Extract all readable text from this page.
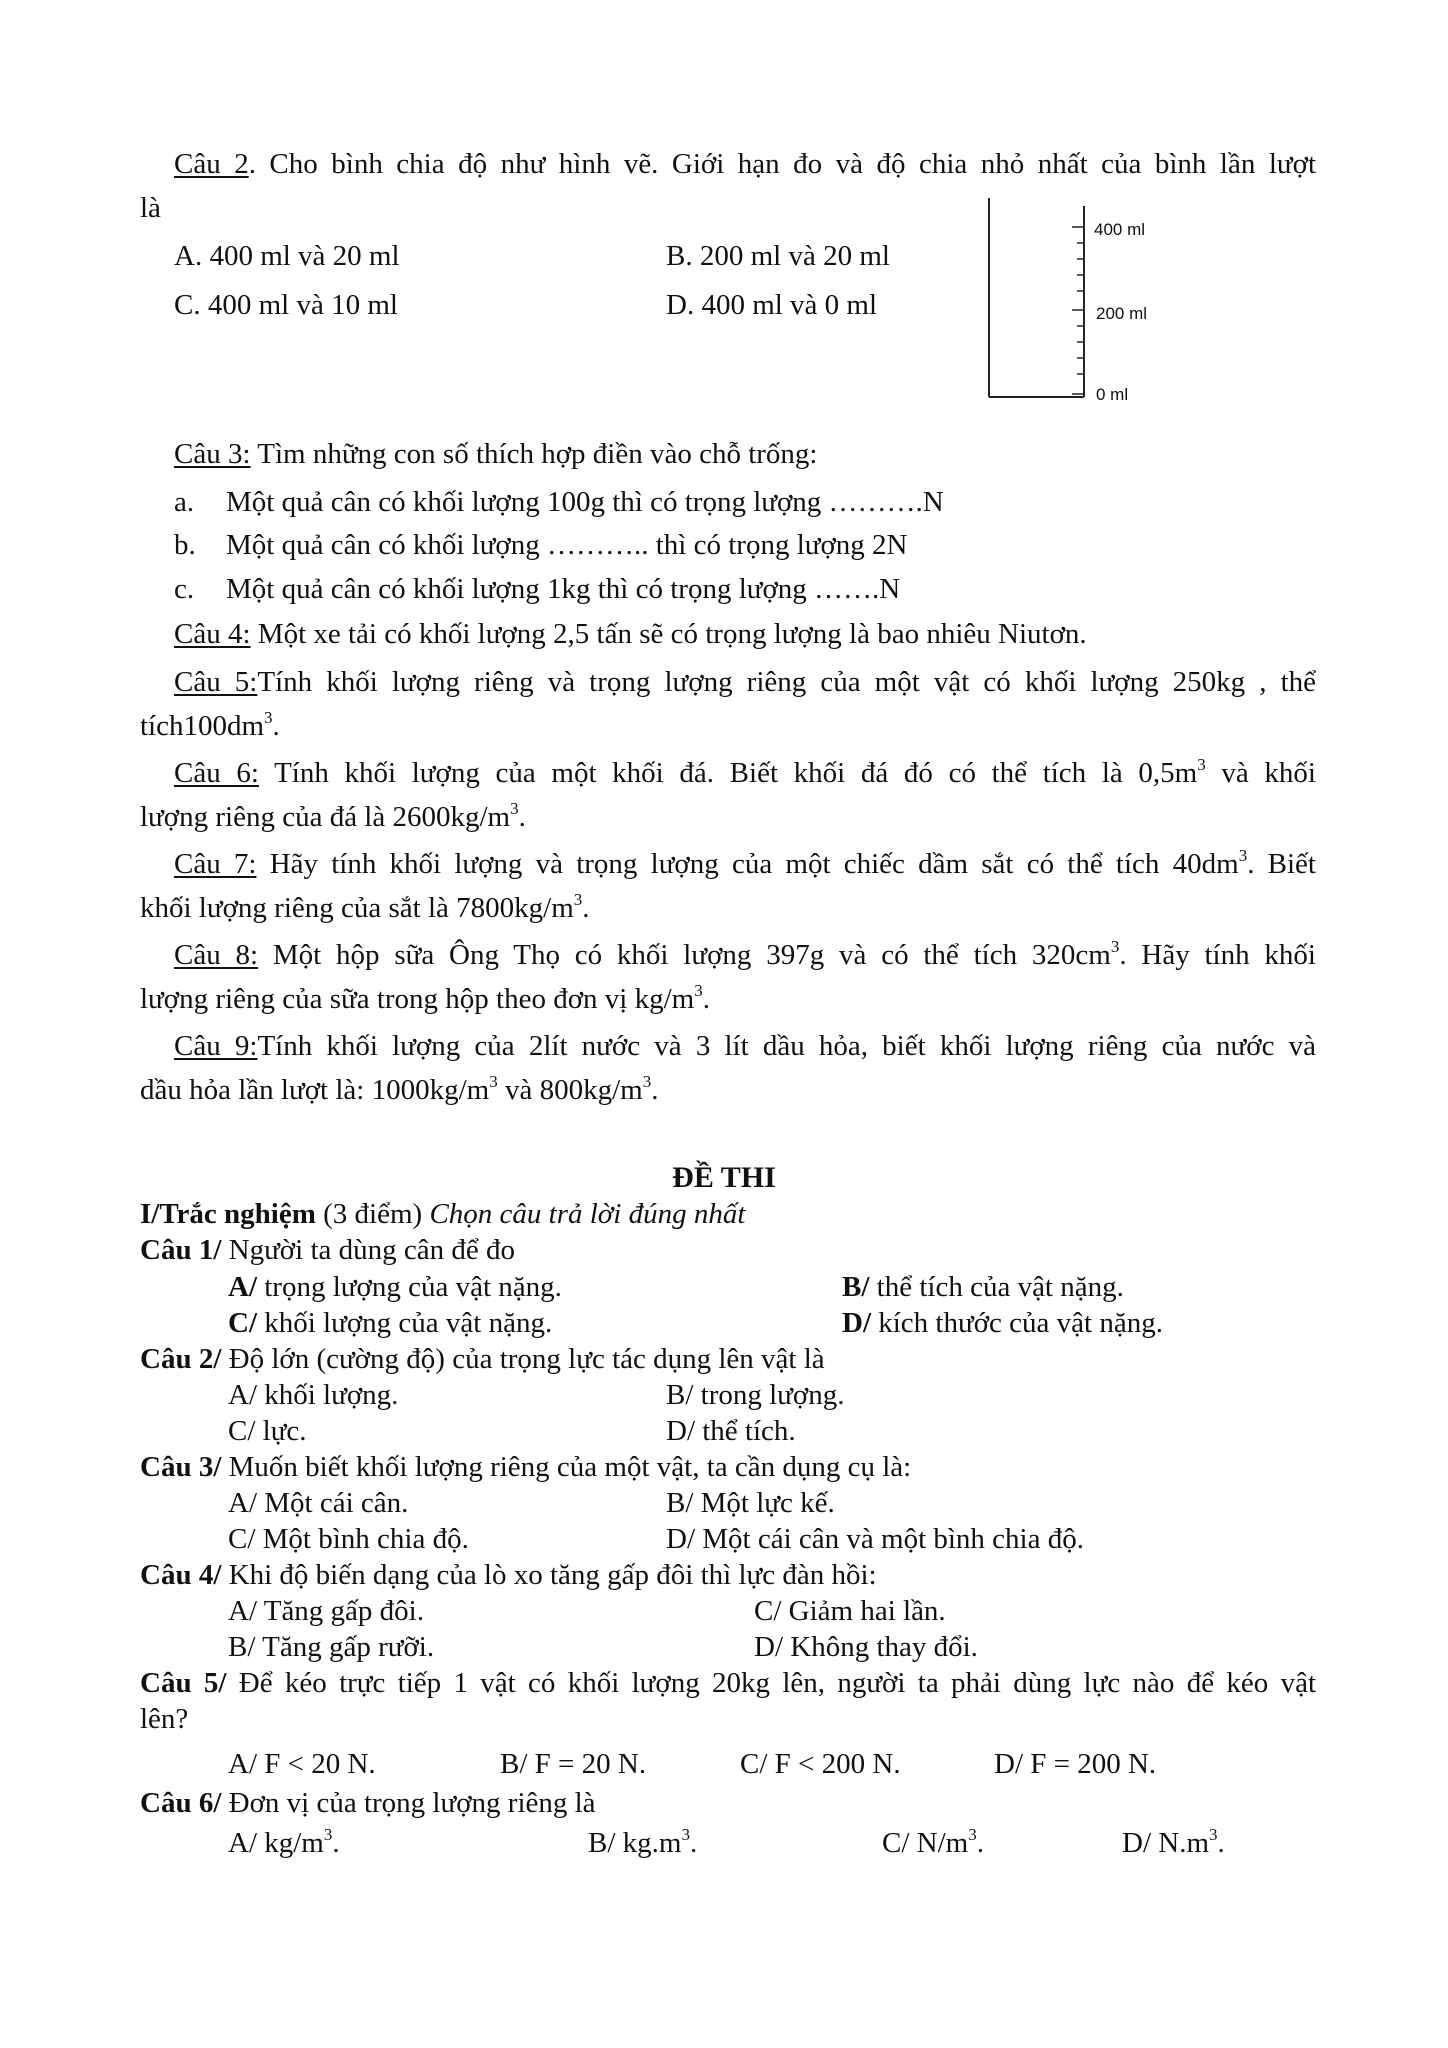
Câu 2. Cho bình chia độ như hình vẽ. Giới hạn đo và độ chia nhỏ nhất của bình lần lượt
là
A. 400 ml và 20 ml	B. 200 ml và 20 ml
C. 400 ml và 10 ml	D. 400 ml và 0 ml
400 ml
200 ml
0 ml
Câu 3: Tìm những con số thích hợp điền vào chỗ trống:
a. Một quả cân có khối lượng 100g thì có trọng lượng ……….N
b. Một quả cân có khối lượng ……….. thì có trọng lượng 2N
c. Một quả cân có khối lượng 1kg thì có trọng lượng …….N
Câu 4: Một xe tải có khối lượng 2,5 tấn sẽ có trọng lượng là bao nhiêu Niutơn.
Câu 5:Tính khối lượng riêng và trọng lượng riêng của một vật có khối lượng 250kg , thể
$tích100dm^3$.
Câu 6: Tính khối lượng của một khối đá. Biết khối đá đó có thể tích là $0,5m^3$ và khối
lượng riêng của đá là $2600kg/m^3$.
Câu 7: Hãy tính khối lượng và trọng lượng của một chiếc dầm sắt có thể tích $40dm^3$. Biết
khối lượng riêng của sắt là $7800kg/m^3$.
Câu 8: Một hộp sữa Ông Thọ có khối lượng 397g và có thể tích $320cm^3$. Hãy tính khối
lượng riêng của sữa trong hộp theo đơn vị $kg/m^3$.
Câu 9:Tính khối lượng của 2lít nước và 3 lít dầu hỏa, biết khối lượng riêng của nước và
dầu hỏa lần lượt là: $1000kg/m^3$ và $800kg/m^3$.
ĐỀ THI
I/Trắc nghiệm (3 điểm) Chọn câu trả lời đúng nhất
Câu 1/ Người ta dùng cân để đo
A/ trọng lượng của vật nặng.	B/ thể tích của vật nặng.
C/ khối lượng của vật nặng.	D/ kích thước của vật nặng.
Câu 2/ Độ lớn (cường độ) của trọng lực tác dụng lên vật là
A/ khối lượng.	B/ trong lượng.
C/ lực.	D/ thể tích.
Câu 3/ Muốn biết khối lượng riêng của một vật, ta cần dụng cụ là:
A/ Một cái cân.	B/ Một lực kế.
C/ Một bình chia độ.	D/ Một cái cân và một bình chia độ.
Câu 4/ Khi độ biến dạng của lò xo tăng gấp đôi thì lực đàn hồi:
A/ Tăng gấp đôi.	C/ Giảm hai lần.
B/ Tăng gấp rưỡi.	D/ Không thay đổi.
Câu 5/ Để kéo trực tiếp 1 vật có khối lượng 20kg lên, người ta phải dùng lực nào để kéo vật
lên?
A/ F < 20 N.	B/ F = 20 N.	C/ F < 200 N.	D/ F = 200 N.
Câu 6/ Đơn vị của trọng lượng riêng là
A/ $kg/m^3$.	B/ $kg.m^3$.	C/ $N/m^3$.	D/ $N.m^3$.
